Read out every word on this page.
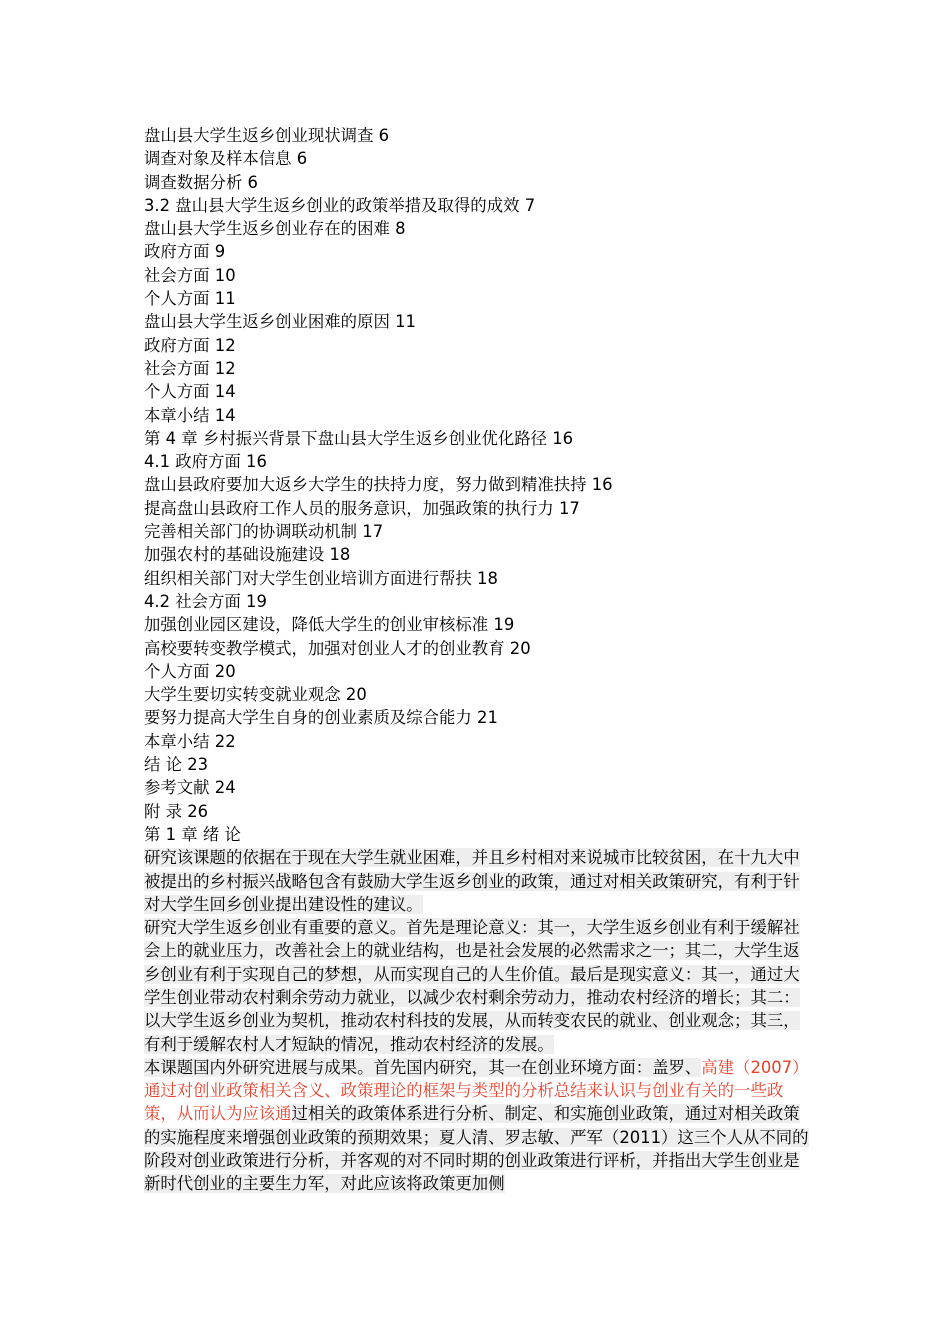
盘山县大学生返乡创业现状调查 6
调查对象及样本信息 6
调查数据分析 6
3.2 盘山县大学生返乡创业的政策举措及取得的成效 7
盘山县大学生返乡创业存在的困难 8
政府方面 9
社会方面 10
个人方面 11
盘山县大学生返乡创业困难的原因 11
政府方面 12
社会方面 12
个人方面 14
本章小结 14
第 4 章 乡村振兴背景下盘山县大学生返乡创业优化路径 16
4.1 政府方面 16
盘山县政府要加大返乡大学生的扶持力度，努力做到精准扶持 16
提高盘山县政府工作人员的服务意识，加强政策的执行力 17
完善相关部门的协调联动机制 17
加强农村的基础设施建设 18
组织相关部门对大学生创业培训方面进行帮扶 18
4.2 社会方面 19
加强创业园区建设，降低大学生的创业审核标准 19
高校要转变教学模式，加强对创业人才的创业教育 20
个人方面 20
大学生要切实转变就业观念 20
要努力提高大学生自身的创业素质及综合能力 21
本章小结 22
结 论 23
参考文献 24
附 录 26
第 1 章 绪 论

研究该课题的依据在于现在大学生就业困难，并且乡村相对来说城市比较贫困，在十九大中被提出的乡村振兴战略包含有鼓励大学生返乡创业的政策，通过对相关政策研究，有利于针对大学生回乡创业提出建设性的建议。

研究大学生返乡创业有重要的意义。首先是理论意义：其一，大学生返乡创业有利于缓解社会上的就业压力，改善社会上的就业结构，也是社会发展的必然需求之一；其二，大学生返乡创业有利于实现自己的梦想，从而实现自己的人生价值。最后是现实意义：其一，通过大学生创业带动农村剩余劳动力就业，以减少农村剩余劳动力，推动农村经济的增长；其二：以大学生返乡创业为契机，推动农村科技的发展，从而转变农民的就业、创业观念；其三，有利于缓解农村人才短缺的情况，推动农村经济的发展。

本课题国内外研究进展与成果。首先国内研究，其一在创业环境方面：盖罗、高建（2007）通过对创业政策相关含义、政策理论的框架与类型的分析总结来认识与创业有关的一些政策，从而认为应该通过相关的政策体系进行分析、制定、和实施创业政策，通过对相关政策的实施程度来增强创业政策的预期效果；夏人清、罗志敏、严军（2011）这三个人从不同的阶段对创业政策进行分析，并客观的对不同时期的创业政策进行评析，并指出大学生创业是新时代创业的主要生力军，对此应该将政策更加侧
